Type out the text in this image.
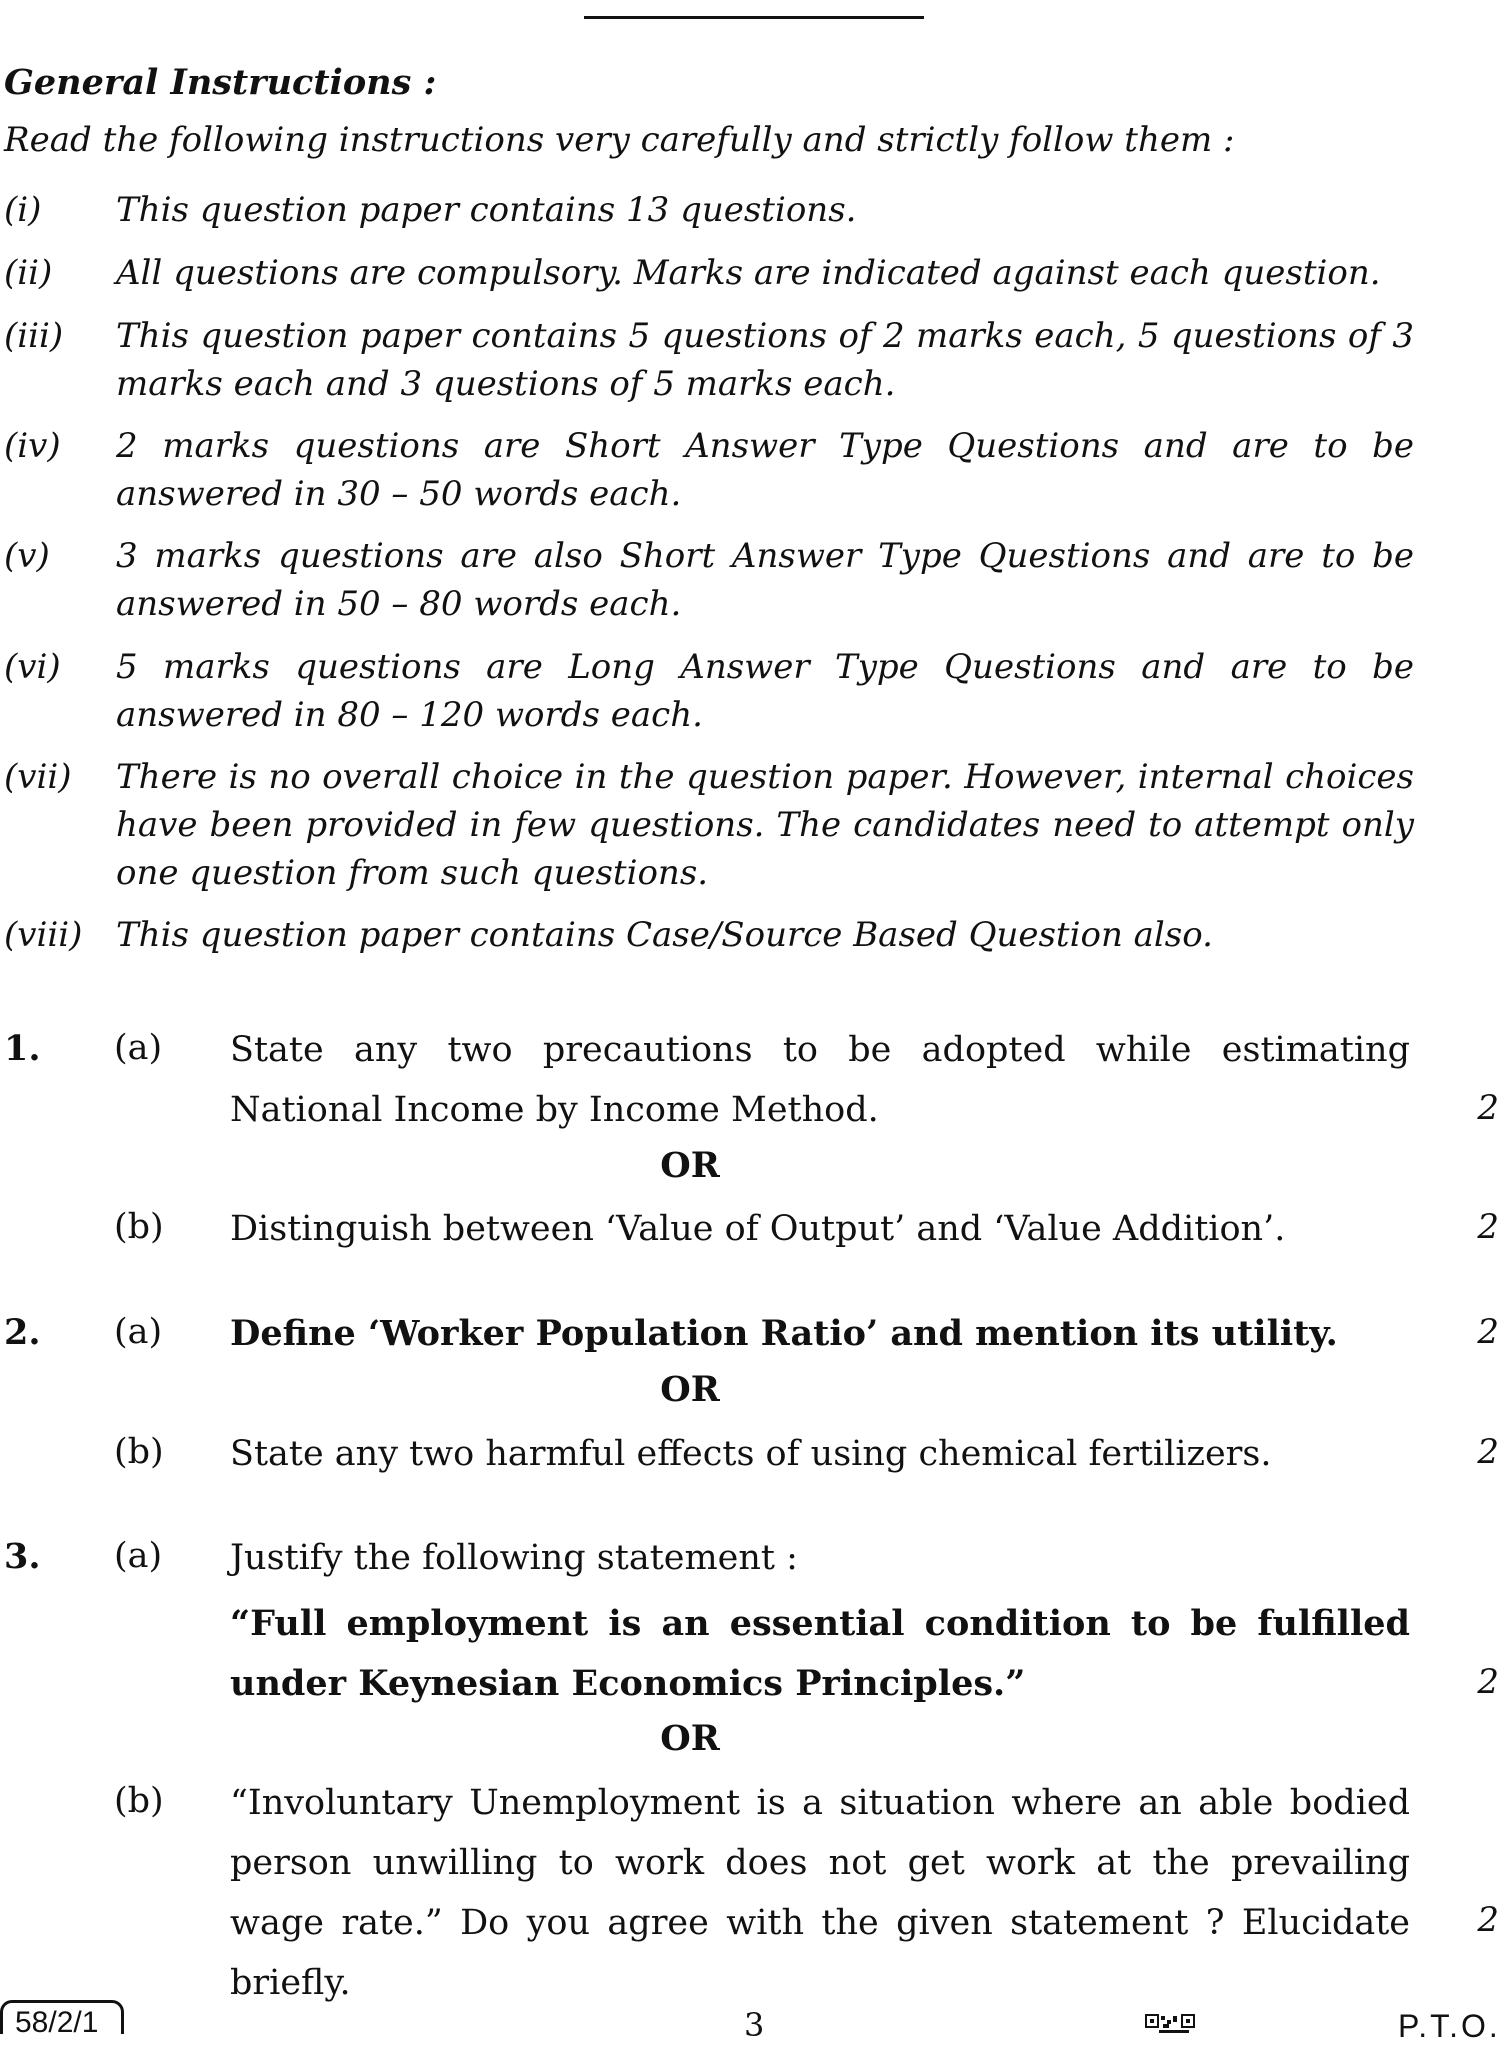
General Instructions :
Read the following instructions very carefully and strictly follow them :
(i) This question paper contains 13 questions.
(ii) All questions are compulsory. Marks are indicated against each question.
(iii) This question paper contains 5 questions of 2 marks each, 5 questions of 3 marks each and 3 questions of 5 marks each.
(iv) 2 marks questions are Short Answer Type Questions and are to be answered in 30 – 50 words each.
(v) 3 marks questions are also Short Answer Type Questions and are to be answered in 50 – 80 words each.
(vi) 5 marks questions are Long Answer Type Questions and are to be answered in 80 – 120 words each.
(vii) There is no overall choice in the question paper. However, internal choices have been provided in few questions. The candidates need to attempt only one question from such questions.
(viii) This question paper contains Case/Source Based Question also.
1. (a) State any two precautions to be adopted while estimating National Income by Income Method.	2
OR
(b) Distinguish between ‘Value of Output’ and ‘Value Addition’.	2
2. (a) Define ‘Worker Population Ratio’ and mention its utility.	2
OR
(b) State any two harmful effects of using chemical fertilizers.	2
3. (a) Justify the following statement :
“Full employment is an essential condition to be fulfilled under Keynesian Economics Principles.”	2
OR
(b) “Involuntary Unemployment is a situation where an able bodied person unwilling to work does not get work at the prevailing wage rate.” Do you agree with the given statement ? Elucidate briefly.
2
58/2/1	3	P.T.O.
